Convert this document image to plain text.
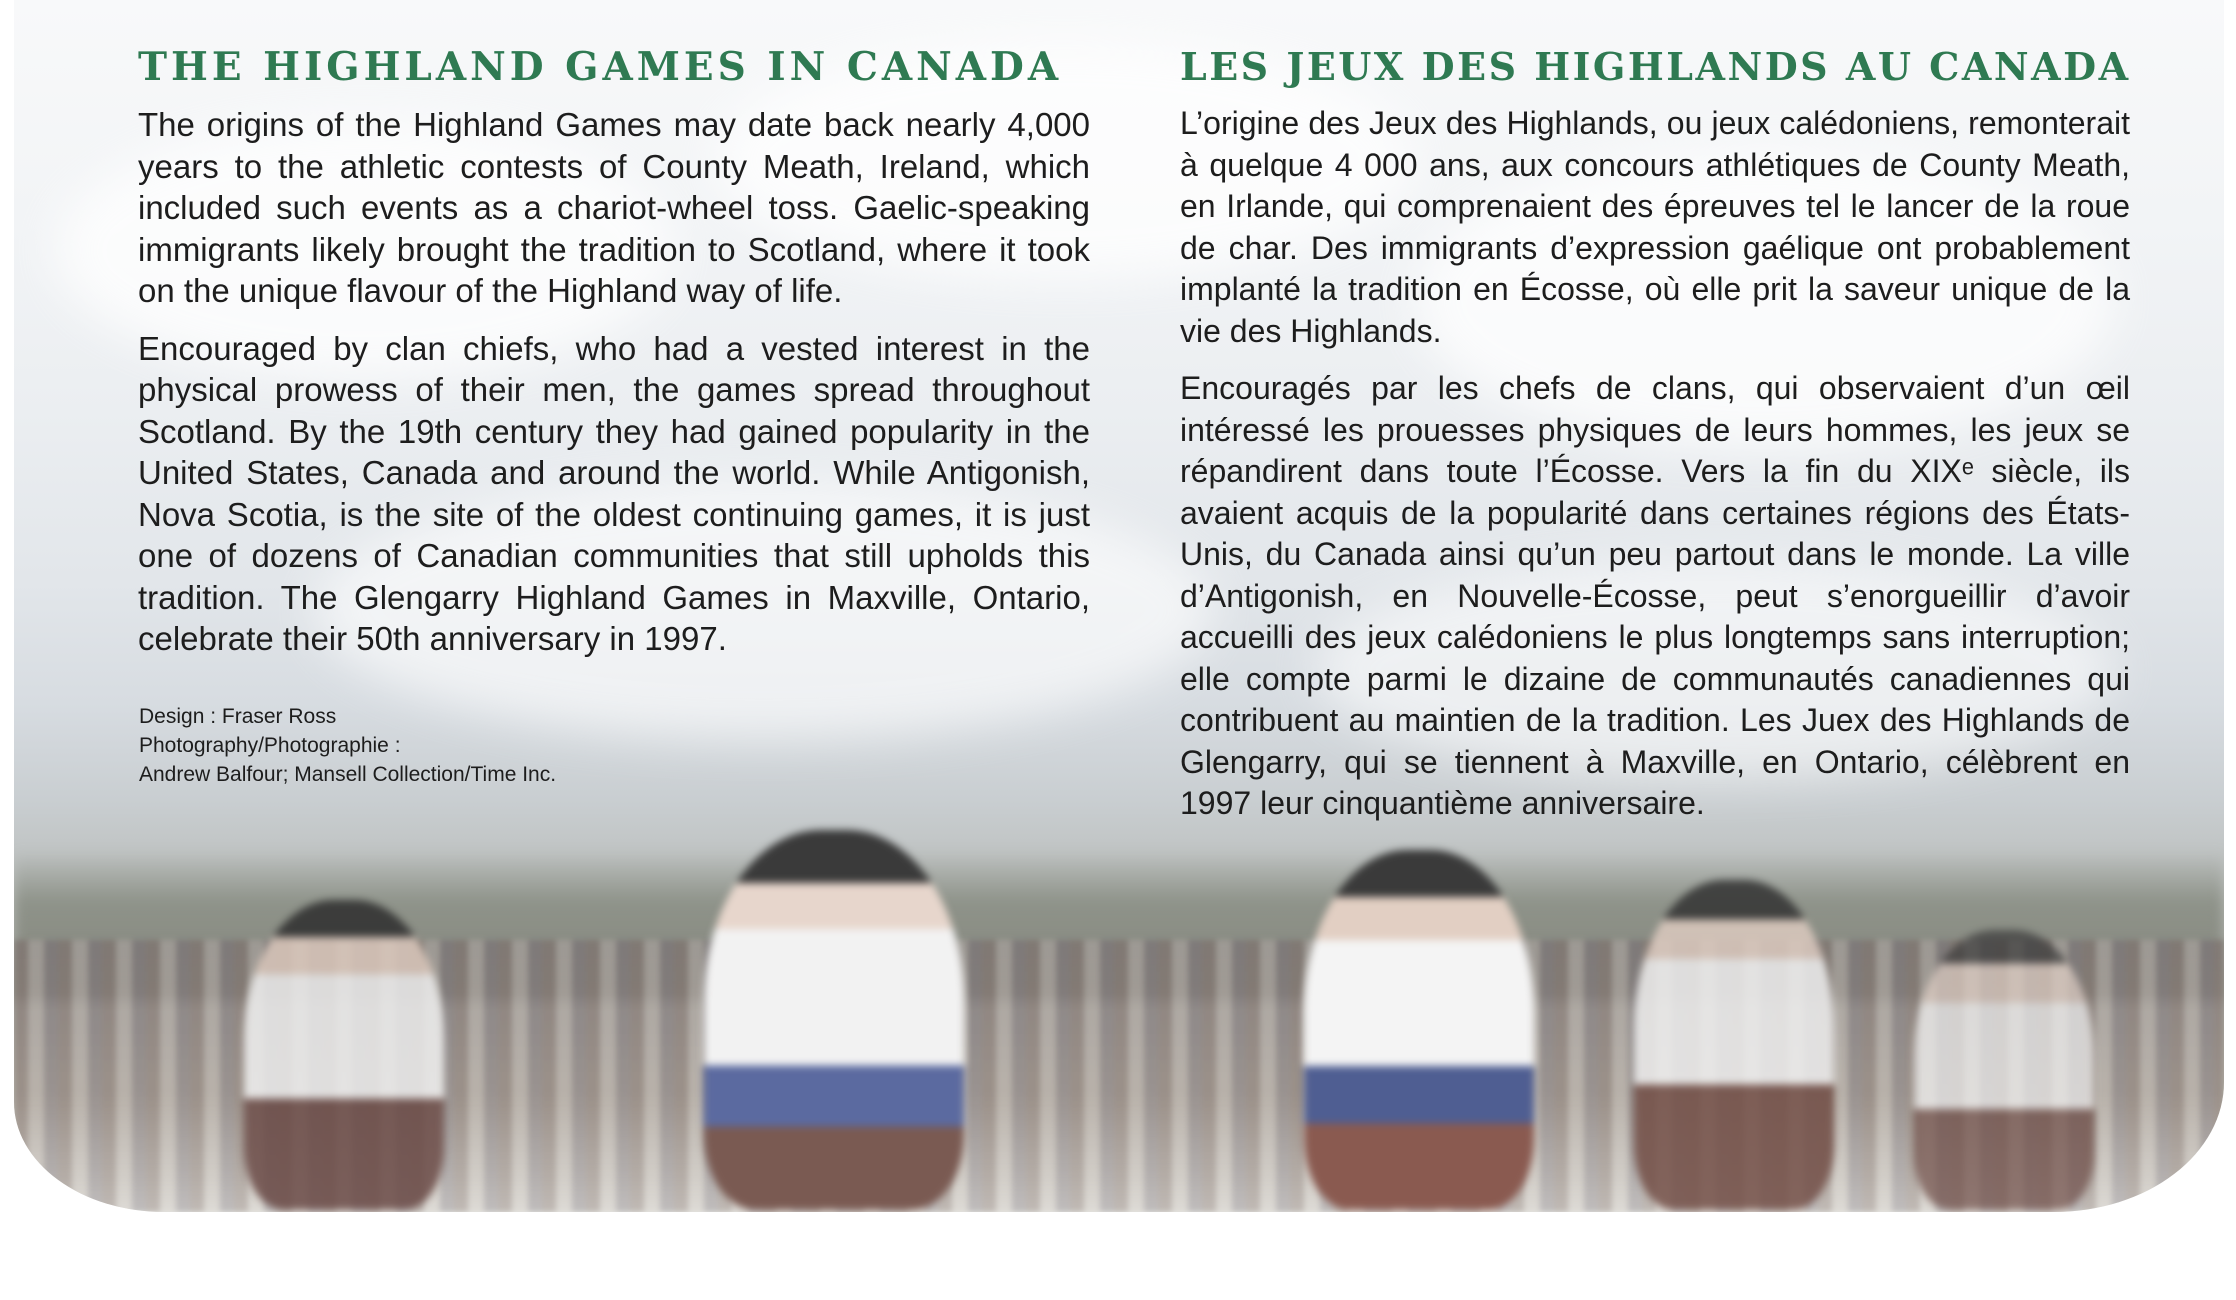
THE HIGHLAND GAMES IN CANADA

The origins of the Highland Games may date back nearly 4,000 years to the athletic contests of County Meath, Ireland, which included such events as a chariot-wheel toss. Gaelic-speaking immigrants likely brought the tradition to Scotland, where it took on the unique flavour of the Highland way of life.

Encouraged by clan chiefs, who had a vested interest in the physical prowess of their men, the games spread throughout Scotland. By the 19th century they had gained popularity in the United States, Canada and around the world. While Antigonish, Nova Scotia, is the site of the oldest continuing games, it is just one of dozens of Canadian communities that still upholds this tradition. The Glengarry Highland Games in Maxville, Ontario, celebrate their 50th anniversary in 1997.

Design : Fraser Ross
Photography/Photographie :
Andrew Balfour; Mansell Collection/Time Inc.
LES JEUX DES HIGHLANDS AU CANADA

L’origine des Jeux des Highlands, ou jeux calédoniens, remonterait à quelque 4 000 ans, aux concours athlétiques de County Meath, en Irlande, qui comprenaient des épreuves tel le lancer de la roue de char. Des immigrants d’expression gaélique ont probablement implanté la tradition en Écosse, où elle prit la saveur unique de la vie des Highlands.

Encouragés par les chefs de clans, qui observaient d’un œil intéressé les prouesses physiques de leurs hommes, les jeux se répandirent dans toute l’Écosse. Vers la fin du XIXᵉ siècle, ils avaient acquis de la popularité dans certaines régions des États-Unis, du Canada ainsi qu’un peu partout dans le monde. La ville d’Antigonish, en Nouvelle-Écosse, peut s’enorgueillir d’avoir accueilli des jeux calédoniens le plus longtemps sans interruption; elle compte parmi le dizaine de communautés canadiennes qui contribuent au maintien de la tradition. Les Juex des Highlands de Glengarry, qui se tiennent à Maxville, en Ontario, célèbrent en 1997 leur cinquantième anniversaire.
